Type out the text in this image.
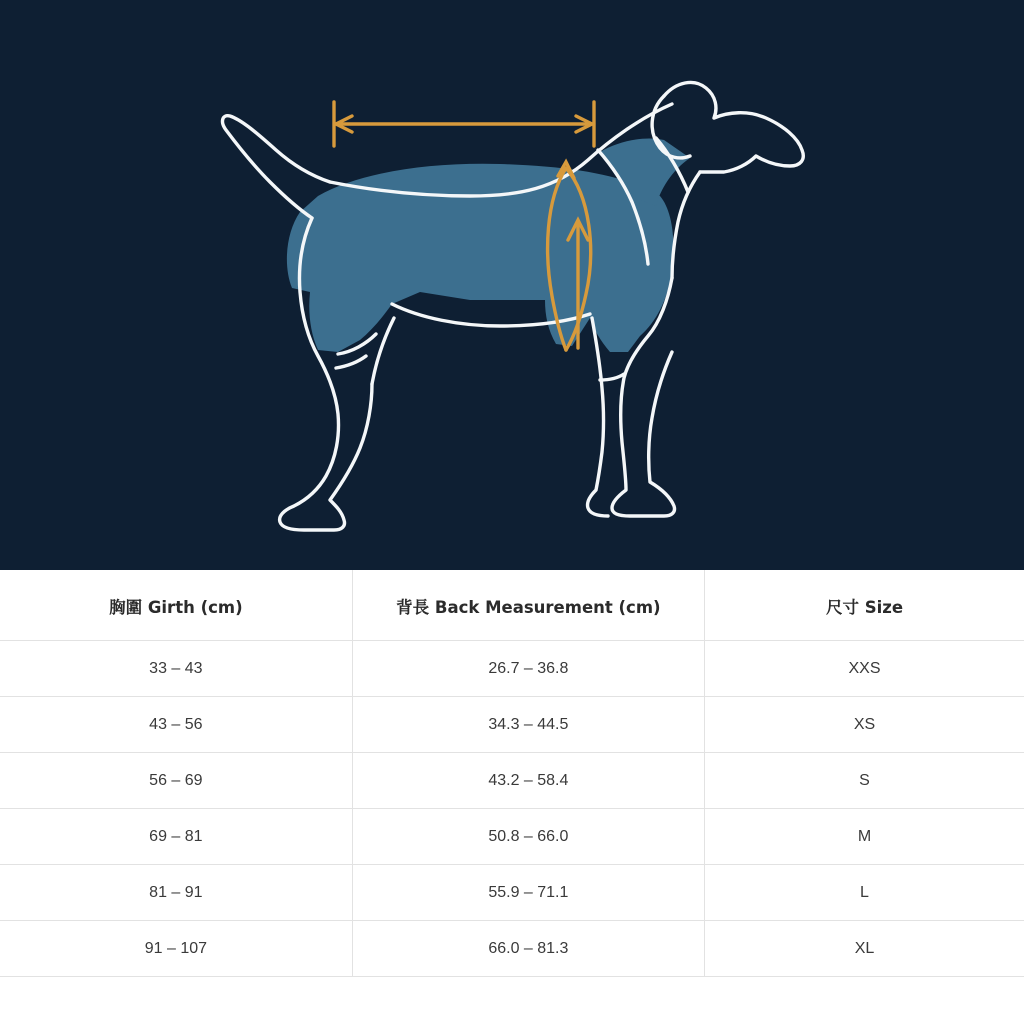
胸圍 Girth (cm)	背長 Back Measurement (cm)	尺寸 Size
33 – 43	26.7 – 36.8	XXS
43 – 56	34.3 – 44.5	XS
56 – 69	43.2 – 58.4	S
69 – 81	50.8 – 66.0	M
81 – 91	55.9 – 71.1	L
91 – 107	66.0 – 81.3	XL
